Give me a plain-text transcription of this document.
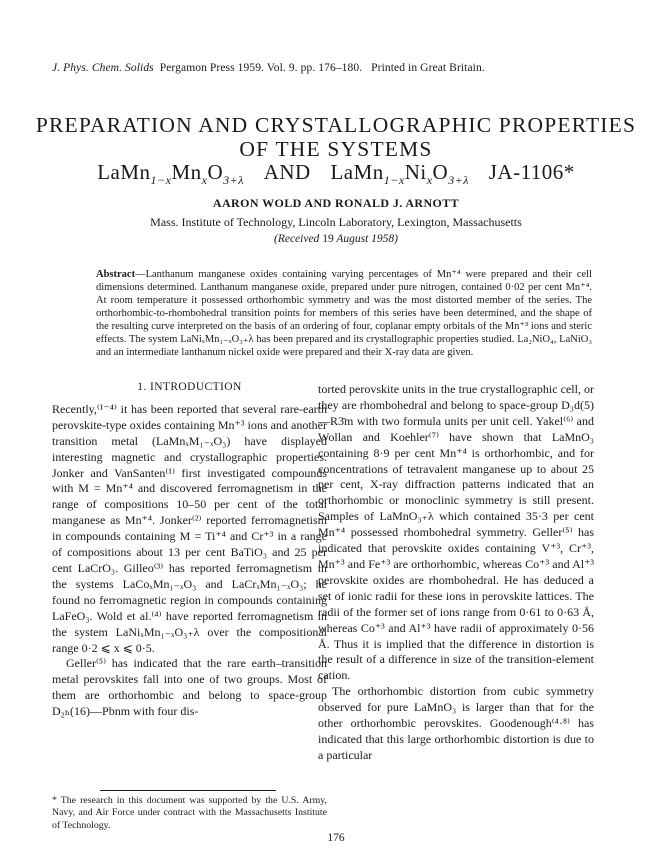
J. Phys. Chem. Solids Pergamon Press 1959. Vol. 9. pp. 176–180. Printed in Great Britain.
PREPARATION AND CRYSTALLOGRAPHIC PROPERTIES
OF THE SYSTEMS
$LaMn_{1-x}Mn_xO_{3+\lambda}$ AND $LaMn_{1-x}Ni_xO_{3+\lambda}$ JA-1106*
AARON WOLD AND RONALD J. ARNOTT
Mass. Institute of Technology, Lincoln Laboratory, Lexington, Massachusetts
(Received 19 August 1958)
Abstract—Lanthanum manganese oxides containing varying percentages of Mn⁺⁴ were prepared and their cell dimensions determined. Lanthanum manganese oxide, prepared under pure nitrogen, contained 0·02 per cent Mn⁺⁴. At room temperature it possessed orthorhombic symmetry and was the most distorted member of the series. The orthorhombic-to-rhombohedral transition points for members of this series have been determined, and the shape of the resulting curve interpreted on the basis of an ordering of four, coplanar empty orbitals of the Mn⁺³ ions and steric effects. The system LaNiₓMn₁₋ₓO₃₊λ has been prepared and its crystallographic properties studied. La₂NiO₄, LaNiO₃ and an intermediate lanthanum nickel oxide were prepared and their X-ray data are given.
1. INTRODUCTION

Recently,⁽¹⁻⁴⁾ it has been reported that several rare-earth perovskite-type oxides containing Mn⁺³ ions and another transition metal (LaMnₓM₁₋ₓO₃) have displayed interesting magnetic and crystallographic properties. Jonker and VanSanten⁽¹⁾ first investigated compounds with M = Mn⁺⁴ and discovered ferromagnetism in the range of compositions 10–50 per cent of the total manganese as Mn⁺⁴. Jonker⁽²⁾ reported ferromagnetism in compounds containing M = Ti⁺⁴ and Cr⁺³ in a range of compositions about 13 per cent BaTiO₃ and 25 per cent LaCrO₃. Gilleo⁽³⁾ has reported ferromagnetism in the systems LaCoₓMn₁₋ₓO₃ and LaCrₓMn₁₋ₓO₃; he found no ferromagnetic region in compounds containing LaFeO₃. Wold et al.⁽⁴⁾ have reported ferromagnetism in the system LaNiₓMn₁₋ₓO₃₊λ over the compositional range 0·2 ⩽ x ⩽ 0·5.

Geller⁽⁵⁾ has indicated that the rare earth–transition metal perovskites fall into one of two groups. Most of them are orthorhombic and belong to space-group D₂ₕ(16)—Pbnm with four dis-

torted perovskite units in the true crystallographic cell, or they are rhombohedral and belong to space-group D₃d(5)—R3̄m with two formula units per unit cell. Yakel⁽⁶⁾ and Wollan and Koehler⁽⁷⁾ have shown that LaMnO₃ containing 8·9 per cent Mn⁺⁴ is orthorhombic, and for concentrations of tetravalent manganese up to about 25 per cent, X-ray diffraction patterns indicated that an orthorhombic or monoclinic symmetry is still present. Samples of LaMnO₃₊λ which contained 35·3 per cent Mn⁺⁴ possessed rhombohedral symmetry. Geller⁽⁵⁾ has indicated that perovskite oxides containing V⁺³, Cr⁺³, Mn⁺³ and Fe⁺³ are orthorhombic, whereas Co⁺³ and Al⁺³ perovskite oxides are rhombohedral. He has deduced a set of ionic radii for these ions in perovskite lattices. The radii of the former set of ions range from 0·61 to 0·63 Å, whereas Co⁺³ and Al⁺³ have radii of approximately 0·56 Å. Thus it is implied that the difference in distortion is the result of a difference in size of the transition-element cation.

The orthorhombic distortion from cubic symmetry observed for pure LaMnO₃ is larger than that for the other orthorhombic perovskites. Goodenough⁽⁴·⁸⁾ has indicated that this large orthorhombic distortion is due to a particular

* The research in this document was supported by the U.S. Army, Navy, and Air Force under contract with the Massachusetts Institute of Technology.
176
